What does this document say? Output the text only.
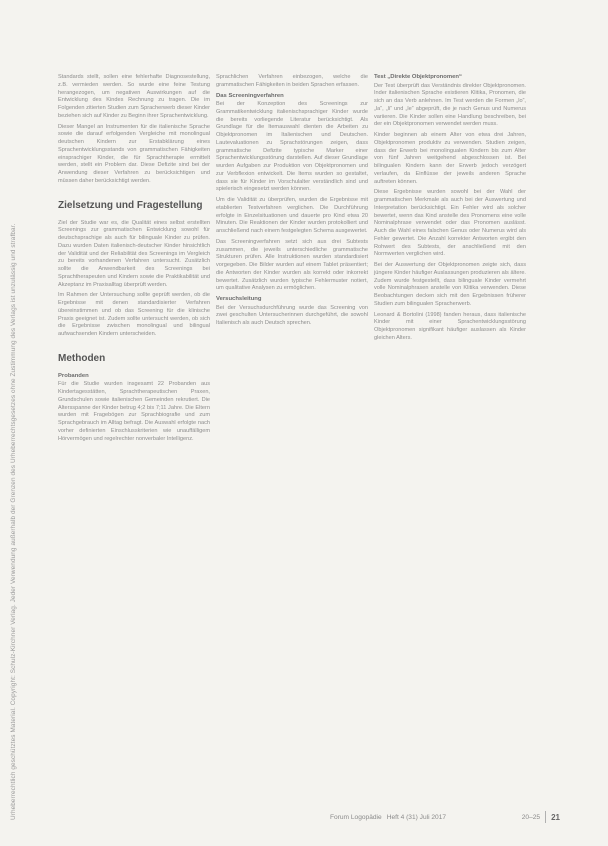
Urheberrechtlich geschütztes Material. Copyright: Schulz-Kirchner Verlag. Jeder Verwendung außerhalb der Grenzen des Urheberrechtsgesetzes ohne Zustimmung des Verlags ist unzulässig und strafbar.

Standards stellt, sollen eine fehlerhafte Diagnosestellung, z.B. vermieden werden. So wurde eine feine Testung herangezogen, um negativen Auswirkungen auf die Entwicklung des Kindes Rechnung zu tragen. Die im Folgenden zitierten Studien zum Spracherwerb dieser Kinder beziehen sich auf Kinder zu Beginn ihrer Sprachentwicklung.

Dieser Mangel an Instrumenten für die italienische Sprache sowie die darauf erfolgenden Vergleiche mit monolingual deutschen Kindern zur Erstabklärung eines Sprachentwicklungsstands von grammatischen Fähigkeiten einsprachiger Kinder, die für Sprachtherapie ermittelt werden, stellt ein Problem dar. Diese Defizite sind bei der Anwendung dieser Verfahren zu berücksichtigen und müssen daher berücksichtigt werden.

Zielsetzung und Fragestellung

Ziel der Studie war es, die Qualität eines selbst erstellten Screenings zur grammatischen Entwicklung sowohl für deutschsprachige als auch für bilinguale Kinder zu prüfen. Dazu wurden Daten italienisch-deutscher Kinder hinsichtlich der Validität und der Reliabilität des Screenings im Vergleich zu bereits vorhandenen Verfahren untersucht. Zusätzlich sollte die Anwendbarkeit des Screenings bei Sprachtherapeuten und Kindern sowie die Praktikabilität und Akzeptanz im Praxisalltag überprüft werden.

Im Rahmen der Untersuchung sollte geprüft werden, ob die Ergebnisse mit denen standardisierter Verfahren übereinstimmen und ob das Screening für die klinische Praxis geeignet ist. Zudem sollte untersucht werden, ob sich die Ergebnisse zwischen monolingual und bilingual aufwachsenden Kindern unterscheiden.

Methoden
Probanden

Für die Studie wurden insgesamt 22 Probanden aus Kindertagesstätten, Sprachtherapeutischen Praxen, Grundschulen sowie italienischen Gemeinden rekrutiert. Die Altersspanne der Kinder betrug 4;2 bis 7;11 Jahre. Die Eltern wurden mit Fragebögen zur Sprachbiografie und zum Sprachgebrauch im Alltag befragt. Die Auswahl erfolgte nach vorher definierten Einschlusskriterien wie unauffälligem Hörvermögen und regelrechter nonverbaler Intelligenz.

Sprachlichen Verfahren einbezogen, welche die grammatischen Fähigkeiten in beiden Sprachen erfassen.

Das Screeningverfahren

Bei der Konzeption des Screenings zur Grammatikentwicklung italienischsprachiger Kinder wurde die bereits vorliegende Literatur berücksichtigt. Als Grundlage für die Itemauswahl dienten die Arbeiten zu Objektpronomen im Italienischen und Deutschen. Lautevaluationen zu Sprachstörungen zeigen, dass grammatische Defizite typische Marker einer Sprachentwicklungsstörung darstellen. Auf dieser Grundlage wurden Aufgaben zur Produktion von Objektpronomen und zur Verbflexion entwickelt. Die Items wurden so gestaltet, dass sie für Kinder im Vorschulalter verständlich sind und spielerisch eingesetzt werden können.

Um die Validität zu überprüfen, wurden die Ergebnisse mit etablierten Testverfahren verglichen. Die Durchführung erfolgte in Einzelsituationen und dauerte pro Kind etwa 20 Minuten. Die Reaktionen der Kinder wurden protokolliert und anschließend nach einem festgelegten Schema ausgewertet.

Das Screeningverfahren setzt sich aus drei Subtests zusammen, die jeweils unterschiedliche grammatische Strukturen prüfen. Alle Instruktionen wurden standardisiert vorgegeben. Die Bilder wurden auf einem Tablet präsentiert; die Antworten der Kinder wurden als korrekt oder inkorrekt bewertet. Zusätzlich wurden typische Fehlermuster notiert, um qualitative Analysen zu ermöglichen.

Versuchsleitung

Bei der Versuchsdurchführung wurde das Screening von zwei geschulten Untersucherinnen durchgeführt, die sowohl Italienisch als auch Deutsch sprechen.

Test „Direkte Objektpronomen“

Der Test überprüft das Verständnis direkter Objektpronomen. Inder italienischen Sprache existieren Klitika, Pronomen, die sich an das Verb anlehnen. Im Test werden die Formen „lo“, „la“, „li“ und „le“ abgeprüft, die je nach Genus und Numerus variieren. Die Kinder sollen eine Handlung beschreiben, bei der ein Objektpronomen verwendet werden muss.

Kinder beginnen ab einem Alter von etwa drei Jahren, Objektpronomen produktiv zu verwenden. Studien zeigen, dass der Erwerb bei monolingualen Kindern bis zum Alter von fünf Jahren weitgehend abgeschlossen ist. Bei bilingualen Kindern kann der Erwerb jedoch verzögert verlaufen, da Einflüsse der jeweils anderen Sprache auftreten können.

Diese Ergebnisse wurden sowohl bei der Wahl der grammatischen Merkmale als auch bei der Auswertung und Interpretation berücksichtigt. Ein Fehler wird als solcher bewertet, wenn das Kind anstelle des Pronomens eine volle Nominalphrase verwendet oder das Pronomen auslässt. Auch die Wahl eines falschen Genus oder Numerus wird als Fehler gewertet. Die Anzahl korrekter Antworten ergibt den Rohwert des Subtests, der anschließend mit den Normwerten verglichen wird.

Bei der Auswertung der Objektpronomen zeigte sich, dass jüngere Kinder häufiger Auslassungen produzieren als ältere. Zudem wurde festgestellt, dass bilinguale Kinder vermehrt volle Nominalphrasen anstelle von Klitika verwenden. Diese Beobachtungen decken sich mit den Ergebnissen früherer Studien zum bilingualen Spracherwerb.

Leonard & Bortolini (1998) fanden heraus, dass italienische Kinder mit einer Sprachentwicklungsstörung Objektpronomen signifikant häufiger auslassen als Kinder gleichen Alters.

Forum Logopädie Heft 4 (31) Juli 2017	20–25 21
